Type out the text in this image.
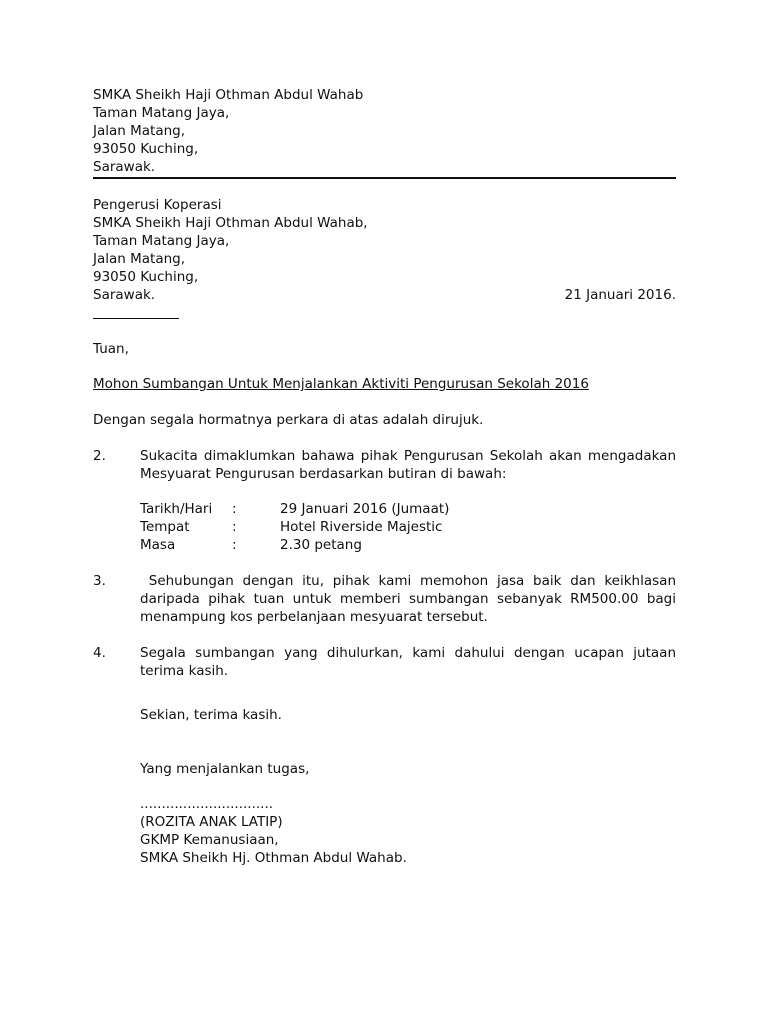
SMKA Sheikh Haji Othman Abdul Wahab
Taman Matang Jaya,
Jalan Matang,
93050 Kuching,
Sarawak.
Pengerusi Koperasi
SMKA Sheikh Haji Othman Abdul Wahab,
Taman Matang Jaya,
Jalan Matang,
93050 Kuching,
Sarawak.	21 Januari 2016.
Tuan,
Mohon Sumbangan Untuk Menjalankan Aktiviti Pengurusan Sekolah 2016
Dengan segala hormatnya perkara di atas adalah dirujuk.
2.	Sukacita dimaklumkan bahawa pihak Pengurusan Sekolah akan mengadakan Mesyuarat Pengurusan berdasarkan butiran di bawah:
Tarikh/Hari :	29 Januari 2016 (Jumaat)
Tempat	:	Hotel Riverside Majestic
Masa	:	2.30 petang
3.	Sehubungan dengan itu, pihak kami memohon jasa baik dan keikhlasan daripada pihak tuan untuk memberi sumbangan sebanyak RM500.00 bagi menampung kos perbelanjaan mesyuarat tersebut.
4.	Segala sumbangan yang dihulurkan, kami dahului dengan ucapan jutaan terima kasih.
Sekian, terima kasih.
Yang menjalankan tugas,
...............................
(ROZITA ANAK LATIP)
GKMP Kemanusiaan,
SMKA Sheikh Hj. Othman Abdul Wahab.
